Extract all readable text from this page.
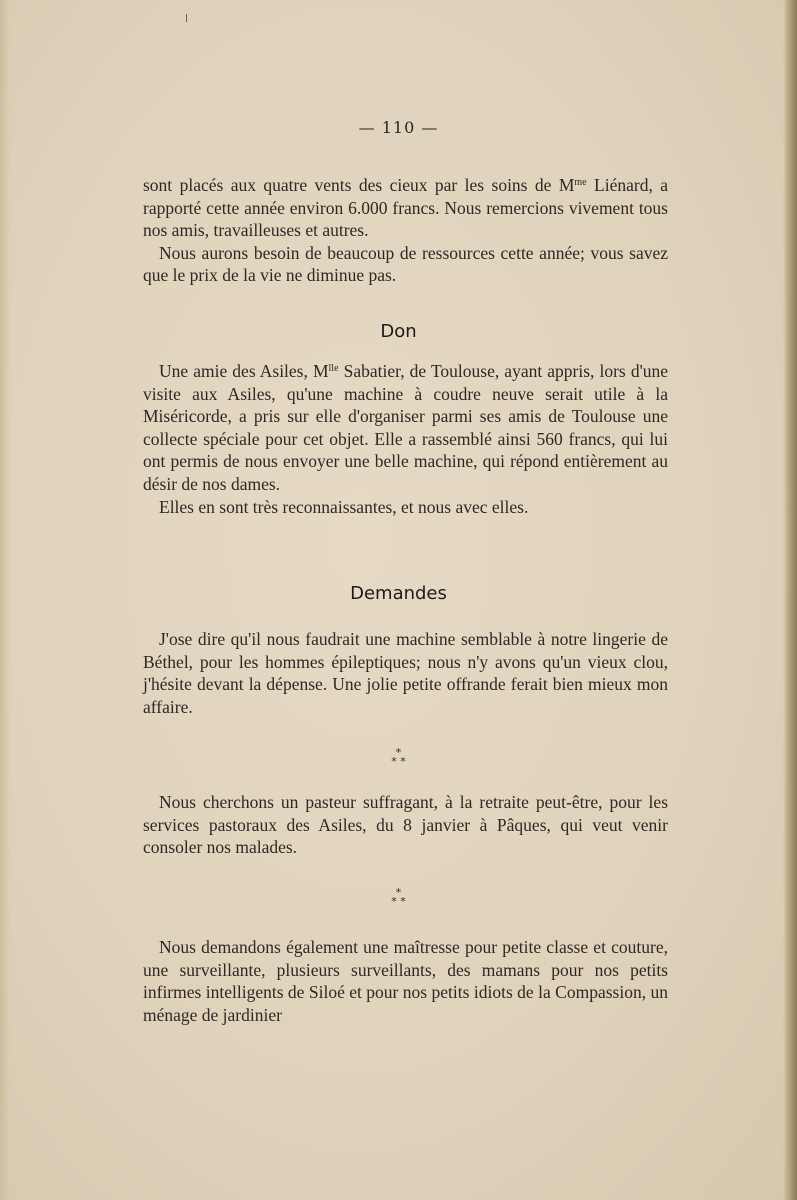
— 110 —

sont placés aux quatre vents des cieux par les soins de $M^{me}$ Liénard, a rapporté cette année environ 6.000 francs. Nous remercions vivement tous nos amis, travailleuses et autres.

Nous aurons besoin de beaucoup de ressources cette année; vous savez que le prix de la vie ne diminue pas.

Don

Une amie des Asiles, $M^{lle}$ Sabatier, de Toulouse, ayant appris, lors d'une visite aux Asiles, qu'une machine à coudre neuve serait utile à la Miséricorde, a pris sur elle d'organiser parmi ses amis de Toulouse une collecte spéciale pour cet objet. Elle a rassemblé ainsi 560 francs, qui lui ont permis de nous envoyer une belle machine, qui répond entièrement au désir de nos dames.

Elles en sont très reconnaissantes, et nous avec elles.

Demandes

J'ose dire qu'il nous faudrait une machine semblable à notre lingerie de Béthel, pour les hommes épileptiques; nous n'y avons qu'un vieux clou, j'hésite devant la dépense. Une jolie petite offrande ferait bien mieux mon affaire.

*
* *

Nous cherchons un pasteur suffragant, à la retraite peut-être, pour les services pastoraux des Asiles, du 8 janvier à Pâques, qui veut venir consoler nos malades.

*
* *

Nous demandons également une maîtresse pour petite classe et couture, une surveillante, plusieurs surveillants, des mamans pour nos petits infirmes intelligents de Siloé et pour nos petits idiots de la Compassion, un ménage de jardinier
